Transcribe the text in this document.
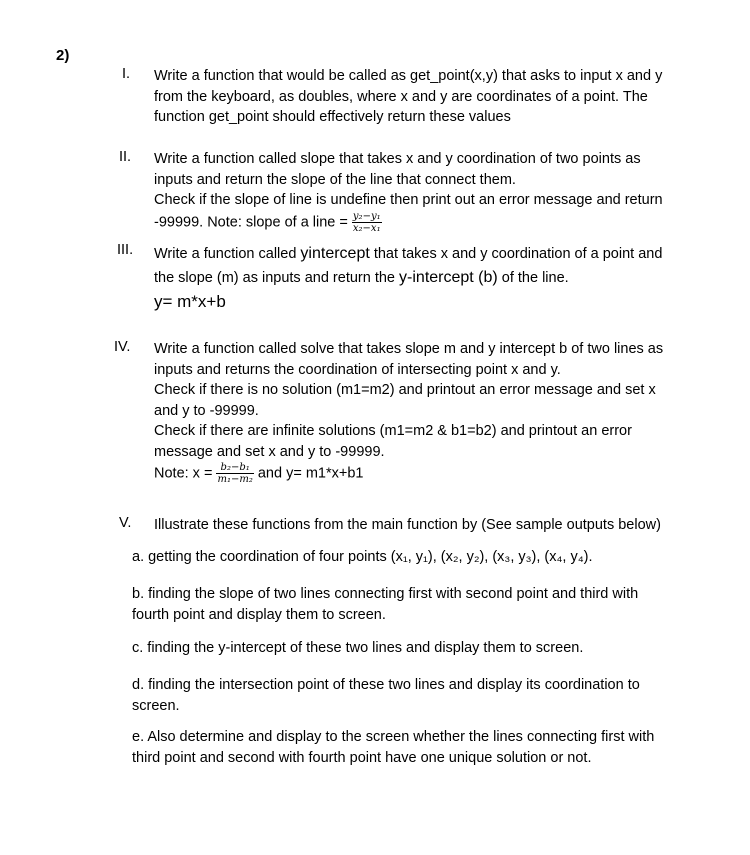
2)
I. Write a function that would be called as get_point(x,y) that asks to input x and y
from the keyboard, as doubles, where x and y are coordinates of a point. The
function get_point should effectively return these values
II. Write a function called slope that takes x and y coordination of two points as
inputs and return the slope of the line that connect them.
Check if the slope of line is undefine then print out an error message and return
-99999. Note: slope of a line = $\frac{\text{y₂−y₁}}{\text{x₂−x₁}}$
III. Write a function called yintercept that takes x and y coordination of a point and
the slope (m) as inputs and return the y-intercept (b) of the line.
y= m*x+b
IV. Write a function called solve that takes slope m and y intercept b of two lines as
inputs and returns the coordination of intersecting point x and y.
Check if there is no solution (m1=m2) and printout an error message and set x
and y to -99999.
Check if there are infinite solutions (m1=m2 & b1=b2) and printout an error
message and set x and y to -99999.
Note: $x = \frac{\text{b₂−b₁}}{\text{m₁−m₂}}$ and y= m1*x+b1
V. Illustrate these functions from the main function by (See sample outputs below)
a. getting the coordination of four points (x₁, y₁), (x₂, y₂), (x₃, y₃), (x₄, y₄).
b. finding the slope of two lines connecting first with second point and third with
fourth point and display them to screen.
c. finding the y-intercept of these two lines and display them to screen.
d. finding the intersection point of these two lines and display its coordination to
screen.
e. Also determine and display to the screen whether the lines connecting first with
third point and second with fourth point have one unique solution or not.
